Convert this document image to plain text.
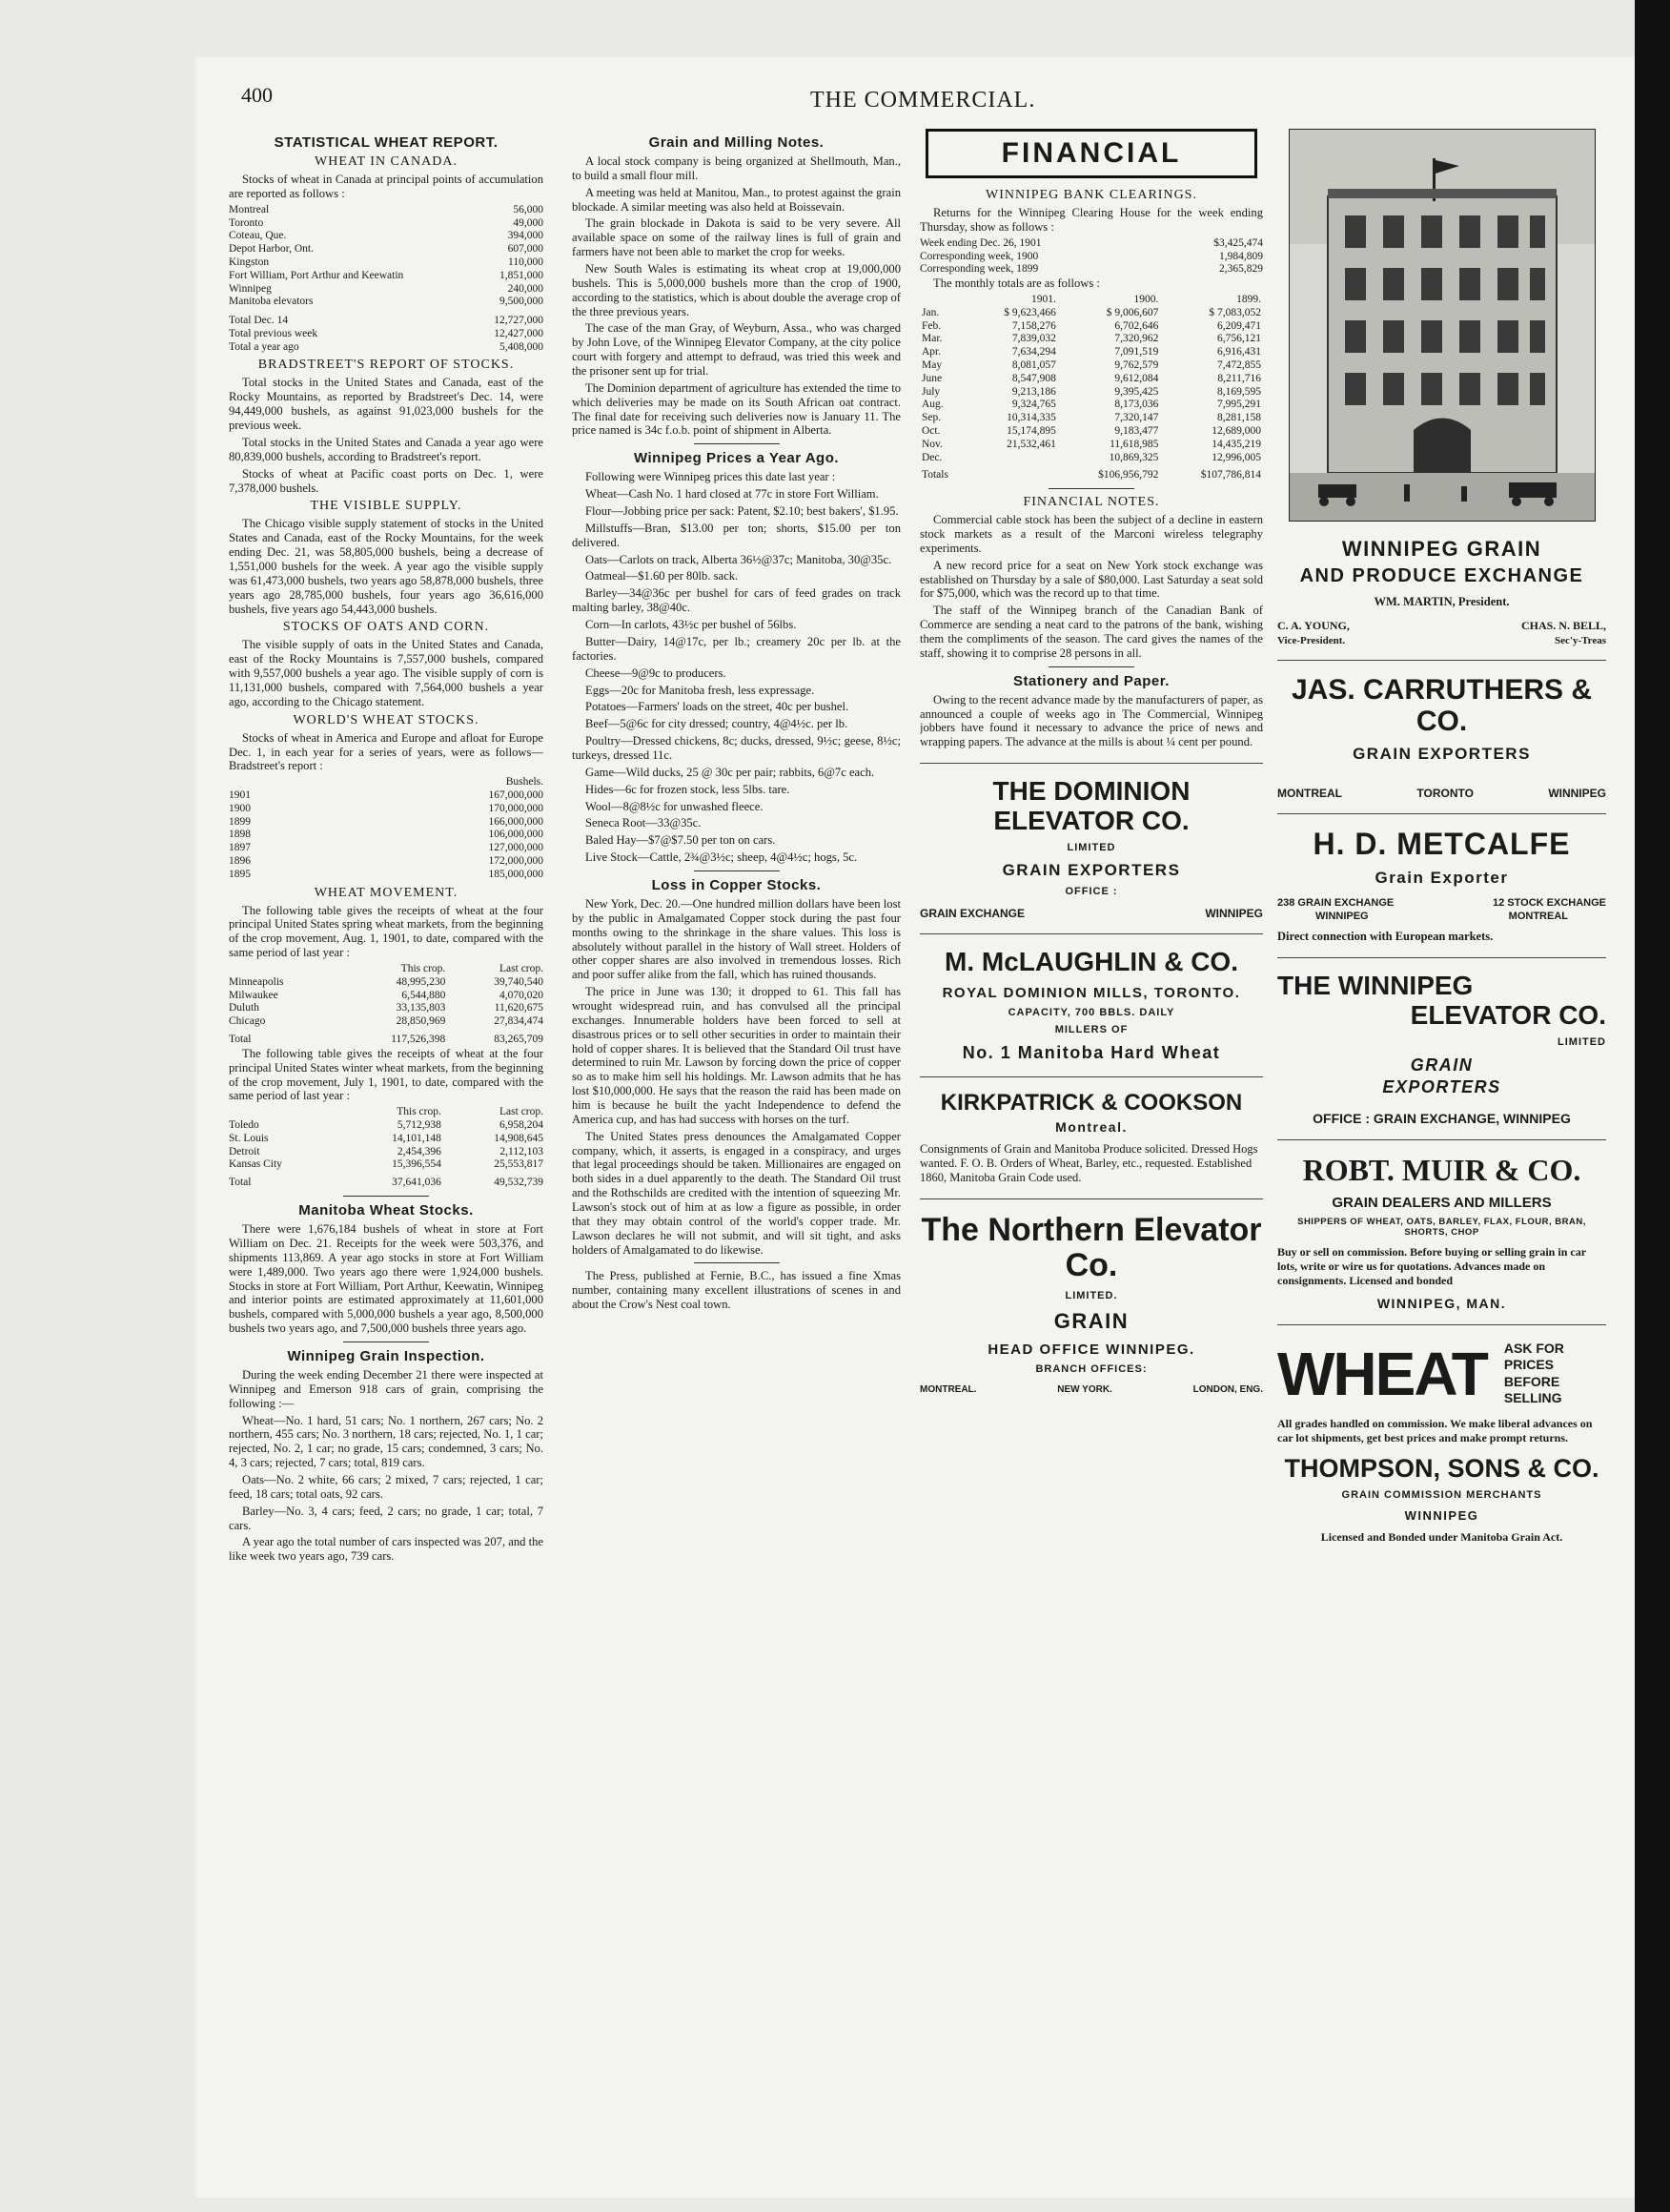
400	THE COMMERCIAL.
STATISTICAL WHEAT REPORT.
WHEAT IN CANADA.

Stocks of wheat in Canada at principal points of accumulation are reported as follows :

Montreal	56,000
Toronto	49,000
Coteau, Que.	394,000
Depot Harbor, Ont.	607,000
Kingston	110,000
Fort William, Port Arthur and Keewatin	1,851,000
Winnipeg	240,000
Manitoba elevators	9,500,000
Total Dec. 14	12,727,000
Total previous week	12,427,000
Total a year ago	5,408,000
BRADSTREET'S REPORT OF STOCKS.

Total stocks in the United States and Canada, east of the Rocky Mountains, as reported by Bradstreet's Dec. 14, were 94,449,000 bushels, as against 91,023,000 bushels for the previous week.

Total stocks in the United States and Canada a year ago were 80,839,000 bushels, according to Bradstreet's report.

Stocks of wheat at Pacific coast ports on Dec. 1, were 7,378,000 bushels.

THE VISIBLE SUPPLY.

The Chicago visible supply statement of stocks in the United States and Canada, east of the Rocky Mountains, for the week ending Dec. 21, was 58,805,000 bushels, being a decrease of 1,551,000 bushels for the week. A year ago the visible supply was 61,473,000 bushels, two years ago 58,878,000 bushels, three years ago 28,785,000 bushels, four years ago 36,616,000 bushels, five years ago 54,443,000 bushels.

STOCKS OF OATS AND CORN.

The visible supply of oats in the United States and Canada, east of the Rocky Mountains is 7,557,000 bushels, compared with 9,557,000 bushels a year ago. The visible supply of corn is 11,131,000 bushels, compared with 7,564,000 bushels a year ago, according to the Chicago statement.

WORLD'S WHEAT STOCKS.

Stocks of wheat in America and Europe and afloat for Europe Dec. 1, in each year for a series of years, were as follows—Bradstreet's report :

	Bushels.
1901	167,000,000
1900	170,000,000
1899	166,000,000
1898	106,000,000
1897	127,000,000
1896	172,000,000
1895	185,000,000
WHEAT MOVEMENT.

The following table gives the receipts of wheat at the four principal United States spring wheat markets, from the beginning of the crop movement, Aug. 1, 1901, to date, compared with the same period of last year :

	This crop.	Last crop.
Minneapolis	48,995,230	39,740,540
Milwaukee	6,544,880	4,070,020
Duluth	33,135,803	11,620,675
Chicago	28,850,969	27,834,474
Total	117,526,398	83,265,709

The following table gives the receipts of wheat at the four principal United States winter wheat markets, from the beginning of the crop movement, July 1, 1901, to date, compared with the same period of last year :

	This crop.	Last crop.
Toledo	5,712,938	6,958,204
St. Louis	14,101,148	14,908,645
Detroit	2,454,396	2,112,103
Kansas City	15,396,554	25,553,817
Total	37,641,036	49,532,739
Manitoba Wheat Stocks.

There were 1,676,184 bushels of wheat in store at Fort William on Dec. 21. Receipts for the week were 503,376, and shipments 113,869. A year ago stocks in store at Fort William were 1,489,000. Two years ago there were 1,924,000 bushels. Stocks in store at Fort William, Port Arthur, Keewatin, Winnipeg and interior points are estimated approximately at 11,601,000 bushels, compared with 5,000,000 bushels a year ago, 8,500,000 bushels two years ago, and 7,500,000 bushels three years ago.

Winnipeg Grain Inspection.

During the week ending December 21 there were inspected at Winnipeg and Emerson 918 cars of grain, comprising the following :—

Wheat—No. 1 hard, 51 cars; No. 1 northern, 267 cars; No. 2 northern, 455 cars; No. 3 northern, 18 cars; rejected, No. 1, 1 car; rejected, No. 2, 1 car; no grade, 15 cars; condemned, 3 cars; No. 4, 3 cars; rejected, 7 cars; total, 819 cars.

Oats—No. 2 white, 66 cars; 2 mixed, 7 cars; rejected, 1 car; feed, 18 cars; total oats, 92 cars.

Barley—No. 3, 4 cars; feed, 2 cars; no grade, 1 car; total, 7 cars.

A year ago the total number of cars inspected was 207, and the like week two years ago, 739 cars.

Grain and Milling Notes.

A local stock company is being organized at Shellmouth, Man., to build a small flour mill.

A meeting was held at Manitou, Man., to protest against the grain blockade. A similar meeting was also held at Boissevain.

The grain blockade in Dakota is said to be very severe. All available space on some of the railway lines is full of grain and farmers have not been able to market the crop for weeks.

New South Wales is estimating its wheat crop at 19,000,000 bushels. This is 5,000,000 bushels more than the crop of 1900, according to the statistics, which is about double the average crop of the three previous years.

The case of the man Gray, of Weyburn, Assa., who was charged by John Love, of the Winnipeg Elevator Company, at the city police court with forgery and attempt to defraud, was tried this week and the prisoner sent up for trial.

The Dominion department of agriculture has extended the time to which deliveries may be made on its South African oat contract. The final date for receiving such deliveries now is January 11. The price named is 34c f.o.b. point of shipment in Alberta.

Winnipeg Prices a Year Ago.

Following were Winnipeg prices this date last year :

Wheat—Cash No. 1 hard closed at 77c in store Fort William.

Flour—Jobbing price per sack: Patent, $2.10; best bakers', $1.95.

Millstuffs—Bran, $13.00 per ton; shorts, $15.00 per ton delivered.

Oats—Carlots on track, Alberta 36½@37c; Manitoba, 30@35c.

Oatmeal—$1.60 per 80lb. sack.

Barley—34@36c per bushel for cars of feed grades on track malting barley, 38@40c.

Corn—In carlots, 43½c per bushel of 56lbs.

Butter—Dairy, 14@17c, per lb.; creamery 20c per lb. at the factories.

Cheese—9@9c to producers.

Eggs—20c for Manitoba fresh, less expressage.

Potatoes—Farmers' loads on the street, 40c per bushel.

Beef—5@6c for city dressed; country, 4@4½c. per lb.

Poultry—Dressed chickens, 8c; ducks, dressed, 9½c; geese, 8½c; turkeys, dressed 11c.

Game—Wild ducks, 25 @ 30c per pair; rabbits, 6@7c each.

Hides—6c for frozen stock, less 5lbs. tare.

Wool—8@8½c for unwashed fleece.

Seneca Root—33@35c.

Baled Hay—$7@$7.50 per ton on cars.

Live Stock—Cattle, 2¾@3½c; sheep, 4@4½c; hogs, 5c.

Loss in Copper Stocks.

New York, Dec. 20.—One hundred million dollars have been lost by the public in Amalgamated Copper stock during the past four months owing to the shrinkage in the share values. This loss is absolutely without parallel in the history of Wall street. Holders of other copper shares are also involved in tremendous losses. Rich and poor suffer alike from the fall, which has ruined thousands.

The price in June was 130; it dropped to 61. This fall has wrought widespread ruin, and has convulsed all the principal exchanges. Innumerable holders have been forced to sell at disastrous prices or to sell other securities in order to maintain their hold of copper shares. It is believed that the Standard Oil trust have determined to ruin Mr. Lawson by forcing down the price of copper so as to make him sell his holdings. Mr. Lawson admits that he has lost $10,000,000. He says that the reason the raid has been made on him is because he built the yacht Independence to defend the America cup, and has had success with horses on the turf.

The United States press denounces the Amalgamated Copper company, which, it asserts, is engaged in a conspiracy, and urges that legal proceedings should be taken. Millionaires are engaged on both sides in a duel apparently to the death. The Standard Oil trust and the Rothschilds are credited with the intention of squeezing Mr. Lawson's stock out of him at as low a figure as possible, in order that they may obtain control of the world's copper trade. Mr. Lawson declares he will not submit, and will sit tight, and asks holders of Amalgamated to do likewise.

The Press, published at Fernie, B.C., has issued a fine Xmas number, containing many excellent illustrations of scenes in and about the Crow's Nest coal town.

FINANCIAL
WINNIPEG BANK CLEARINGS.

Returns for the Winnipeg Clearing House for the week ending Thursday, show as follows :

Week ending Dec. 26, 1901	$3,425,474
Corresponding week, 1900	1,984,809
Corresponding week, 1899	2,365,829

The monthly totals are as follows :

	1901.	1900.	1899.
Jan.	$ 9,623,466	$ 9,006,607	$ 7,083,052
Feb.	7,158,276	6,702,646	6,209,471
Mar.	7,839,032	7,320,962	6,756,121
Apr.	7,634,294	7,091,519	6,916,431
May	8,081,057	9,762,579	7,472,855
June	8,547,908	9,612,084	8,211,716
July	9,213,186	9,395,425	8,169,595
Aug.	9,324,765	8,173,036	7,995,291
Sep.	10,314,335	7,320,147	8,281,158
Oct.	15,174,895	9,183,477	12,689,000
Nov.	21,532,461	11,618,985	14,435,219
Dec.		10,869,325	12,996,005
Totals		$106,956,792	$107,786,814
FINANCIAL NOTES.

Commercial cable stock has been the subject of a decline in eastern stock markets as a result of the Marconi wireless telegraphy experiments.

A new record price for a seat on New York stock exchange was established on Thursday by a sale of $80,000. Last Saturday a seat sold for $75,000, which was the record up to that time.

The staff of the Winnipeg branch of the Canadian Bank of Commerce are sending a neat card to the patrons of the bank, wishing them the compliments of the season. The card gives the names of the staff, showing it to comprise 28 persons in all.

Stationery and Paper.

Owing to the recent advance made by the manufacturers of paper, as announced a couple of weeks ago in The Commercial, Winnipeg jobbers have found it necessary to advance the price of news and wrapping papers. The advance at the mills is about ¼ cent per pound.

THE DOMINION ELEVATOR CO.
LIMITED
GRAIN EXPORTERS
OFFICE :
GRAIN EXCHANGE	WINNIPEG
M. McLAUGHLIN & CO.
ROYAL DOMINION MILLS, TORONTO.
CAPACITY, 700 BBLS. DAILY
MILLERS OF
No. 1 Manitoba Hard Wheat
KIRKPATRICK & COOKSON
Montreal.
Consignments of Grain and Manitoba Produce solicited. Dressed Hogs wanted. F. O. B. Orders of Wheat, Barley, etc., requested. Established 1860, Manitoba Grain Code used.
The Northern Elevator Co.
LIMITED.
GRAIN
HEAD OFFICE WINNIPEG.
BRANCH OFFICES:
MONTREAL.	NEW YORK.	LONDON, ENG.
WINNIPEG GRAIN
AND PRODUCE EXCHANGE
WM. MARTIN, President.
C. A. YOUNG,	CHAS. N. BELL,
Vice-President.	Sec'y-Treas
JAS. CARRUTHERS & CO.
GRAIN EXPORTERS
MONTREAL	TORONTO	WINNIPEG
H. D. METCALFE
Grain Exporter
238 GRAIN EXCHANGE	12 STOCK EXCHANGE
WINNIPEG	MONTREAL
Direct connection with European markets.
THE WINNIPEG
ELEVATOR CO.
LIMITED
GRAIN
EXPORTERS
OFFICE : GRAIN EXCHANGE, WINNIPEG
ROBT. MUIR & CO.
GRAIN DEALERS AND MILLERS
SHIPPERS OF WHEAT, OATS, BARLEY, FLAX, FLOUR, BRAN, SHORTS, CHOP
Buy or sell on commission. Before buying or selling grain in car lots, write or wire us for quotations. Advances made on consignments. Licensed and bonded
WINNIPEG, MAN.
WHEAT ASK FOR
PRICES
BEFORE
SELLING
All grades handled on commission. We make liberal advances on car lot shipments, get best prices and make prompt returns.
THOMPSON, SONS & CO.
GRAIN COMMISSION MERCHANTS
WINNIPEG
Licensed and Bonded under Manitoba Grain Act.
